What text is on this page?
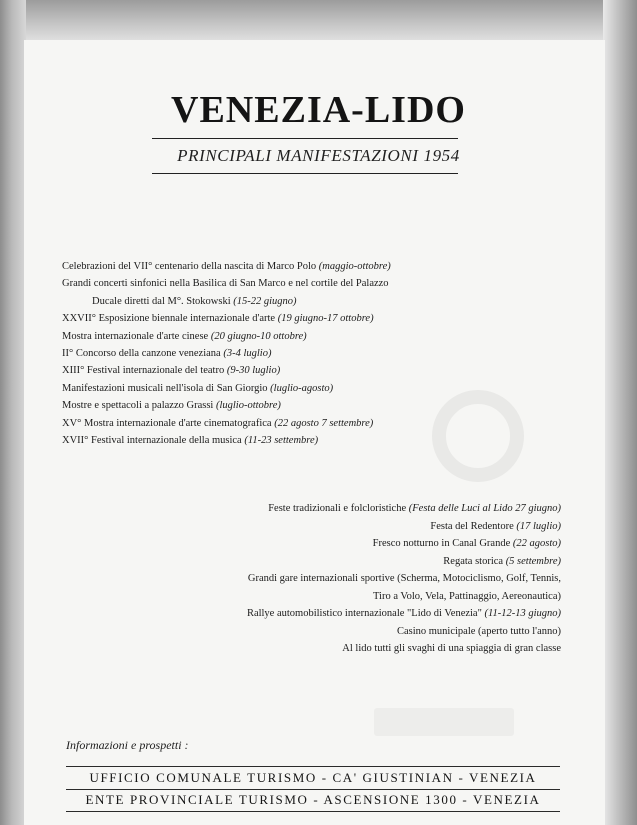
VENEZIA-LIDO
PRINCIPALI MANIFESTAZIONI 1954
Celebrazioni del VII° centenario della nascita di Marco Polo (maggio-ottobre)
Grandi concerti sinfonici nella Basilica di San Marco e nel cortile del Palazzo
Ducale diretti dal M°. Stokowski (15-22 giugno)
XXVII° Esposizione biennale internazionale d'arte (19 giugno-17 ottobre)
Mostra internazionale d'arte cinese (20 giugno-10 ottobre)
II° Concorso della canzone veneziana (3-4 luglio)
XIII° Festival internazionale del teatro (9-30 luglio)
Manifestazioni musicali nell'isola di San Giorgio (luglio-agosto)
Mostre e spettacoli a palazzo Grassi (luglio-ottobre)
XV° Mostra internazionale d'arte cinematografica (22 agosto 7 settembre)
XVII° Festival internazionale della musica (11-23 settembre)
Feste tradizionali e folcloristiche (Festa delle Luci al Lido 27 giugno)
Festa del Redentore (17 luglio)
Fresco notturno in Canal Grande (22 agosto)
Regata storica (5 settembre)
Grandi gare internazionali sportive (Scherma, Motociclismo, Golf, Tennis,
Tiro a Volo, Vela, Pattinaggio, Aereonautica)
Rallye automobilistico internazionale "Lido di Venezia" (11-12-13 giugno)
Casino municipale (aperto tutto l'anno)
Al lido tutti gli svaghi di una spiaggia di gran classe
Informazioni e prospetti :
UFFICIO COMUNALE TURISMO - CA' GIUSTINIAN - VENEZIA
ENTE PROVINCIALE TURISMO - ASCENSIONE 1300 - VENEZIA
